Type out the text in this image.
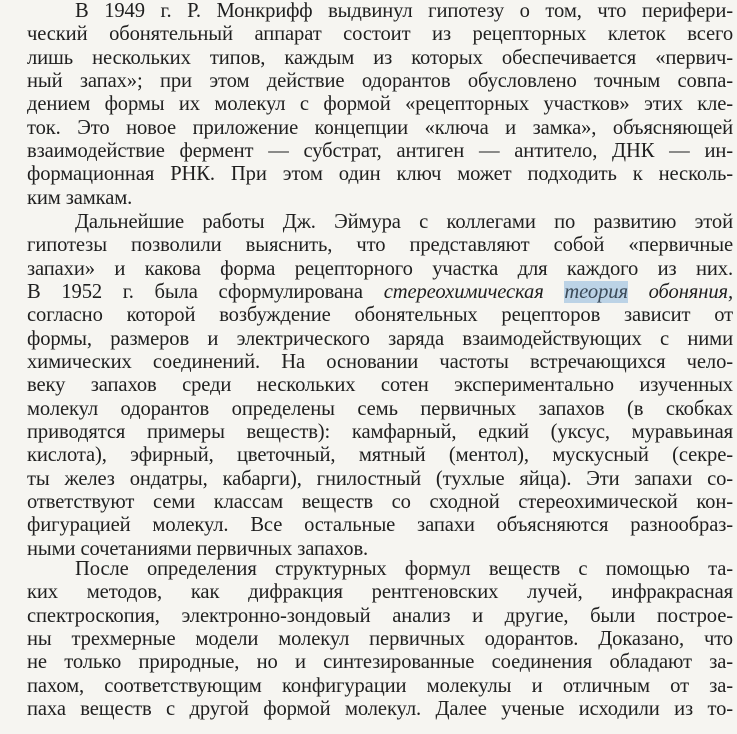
В 1949 г. Р. Монкрифф выдвинул гипотезу о том, что перифери-
ческий обонятельный аппарат состоит из рецепторных клеток всего
лишь нескольких типов, каждым из которых обеспечивается «первич-
ный запах»; при этом действие одорантов обусловлено точным совпа-
дением формы их молекул с формой «рецепторных участков» этих кле-
ток. Это новое приложение концепции «ключа и замка», объясняющей
взаимодействие фермент — субстрат, антиген — антитело, ДНК — ин-
формационная РНК. При этом один ключ может подходить к несколь-
ким замкам.
Дальнейшие работы Дж. Эймура с коллегами по развитию этой
гипотезы позволили выяснить, что представляют собой «первичные
запахи» и какова форма рецепторного участка для каждого из них.
В 1952 г. была сформулирована стереохимическая теория обоняния,
согласно которой возбуждение обонятельных рецепторов зависит от
формы, размеров и электрического заряда взаимодействующих с ними
химических соединений. На основании частоты встречающихся чело-
веку запахов среди нескольких сотен экспериментально изученных
молекул одорантов определены семь первичных запахов (в скобках
приводятся примеры веществ): камфарный, едкий (уксус, муравьиная
кислота), эфирный, цветочный, мятный (ментол), мускусный (секре-
ты желез ондатры, кабарги), гнилостный (тухлые яйца). Эти запахи со-
ответствуют семи классам веществ со сходной стереохимической кон-
фигурацией молекул. Все остальные запахи объясняются разнообраз-
ными сочетаниями первичных запахов.
После определения структурных формул веществ с помощью та-
ких методов, как дифракция рентгеновских лучей, инфракрасная
спектроскопия, электронно-зондовый анализ и другие, были построе-
ны трехмерные модели молекул первичных одорантов. Доказано, что
не только природные, но и синтезированные соединения обладают за-
пахом, соответствующим конфигурации молекулы и отличным от за-
паха веществ с другой формой молекул. Далее ученые исходили из то-
